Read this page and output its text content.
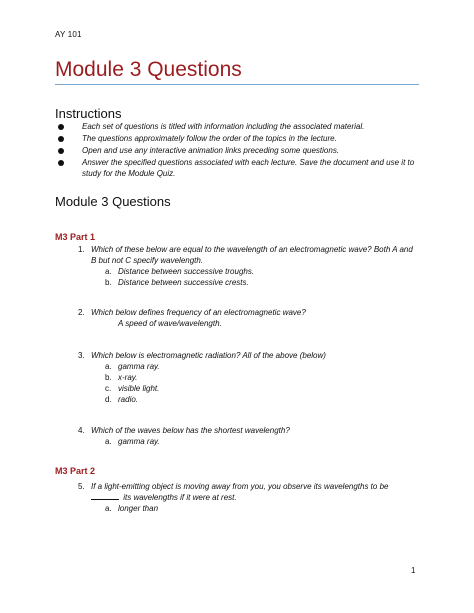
AY 101
Module 3 Questions
Instructions
Each set of questions is titled with information including the associated material.
The questions approximately follow the order of the topics in the lecture.
Open and use any interactive animation links preceding some questions.
Answer the specified questions associated with each lecture. Save the document and use it to study for the Module Quiz.
Module 3 Questions
M3 Part 1
1. Which of these below are equal to the wavelength of an electromagnetic wave? Both A and B but not C specify wavelength.
a. Distance between successive troughs.
b. Distance between successive crests.
2. Which below defines frequency of an electromagnetic wave?
A speed of wave/wavelength.
3. Which below is electromagnetic radiation? All of the above (below)
a. gamma ray.
b. x-ray.
c. visible light.
d. radio.
4. Which of the waves below has the shortest wavelength?
a. gamma ray.
M3 Part 2
5. If a light-emitting object is moving away from you, you observe its wavelengths to be
its wavelengths if it were at rest.
a. longer than
1
